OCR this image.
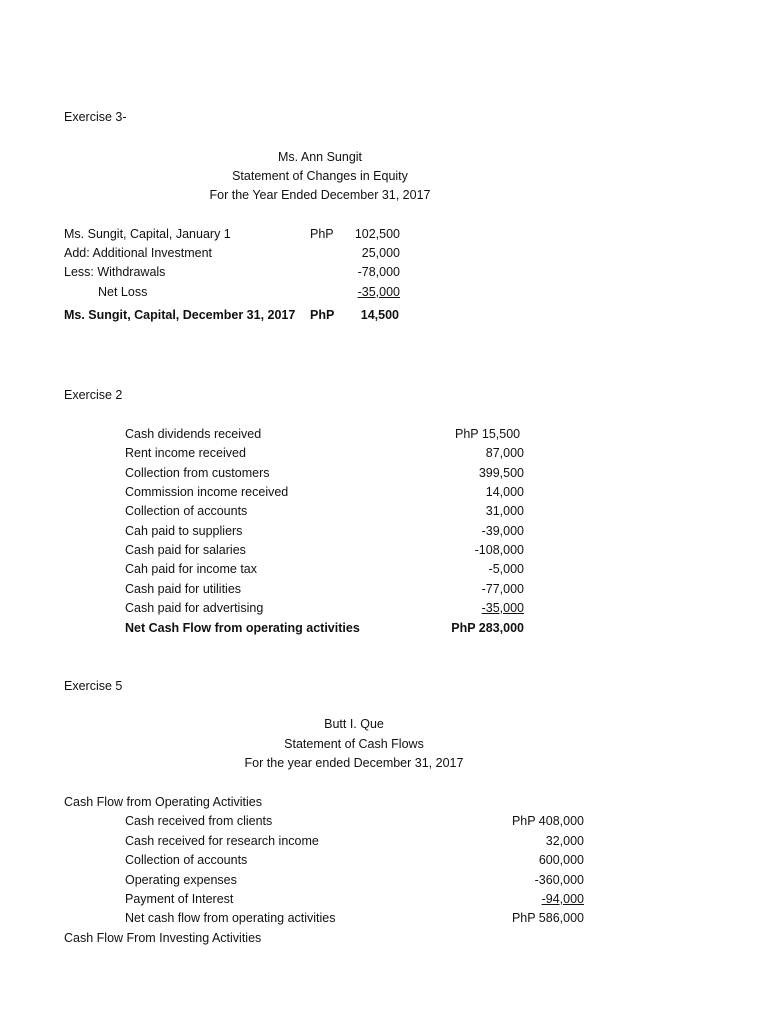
Exercise 3-
Ms. Ann Sungit
Statement of Changes in Equity
For the Year Ended December 31, 2017
Ms. Sungit, Capital, January 1	PhP	102,500
Add: Additional Investment	25,000
Less: Withdrawals	-78,000
Net Loss	-35,000
Ms. Sungit, Capital, December 31, 2017 PhP 14,500
Exercise 2
Cash dividends received	PhP 15,500
Rent income received	87,000
Collection from customers	399,500
Commission income received	14,000
Collection of accounts	31,000
Cah paid to suppliers	-39,000
Cash paid for salaries	-108,000
Cah paid for income tax	-5,000
Cash paid for utilities	-77,000
Cash paid for advertising	-35,000
Net Cash Flow from operating activities	PhP 283,000
Exercise 5
Butt I. Que
Statement of Cash Flows
For the year ended December 31, 2017
Cash Flow from Operating Activities
Cash received from clients	PhP 408,000
Cash received for research income	32,000
Collection of accounts	600,000
Operating expenses	-360,000
Payment of Interest	-94,000
Net cash flow from operating activities	PhP 586,000
Cash Flow From Investing Activities
